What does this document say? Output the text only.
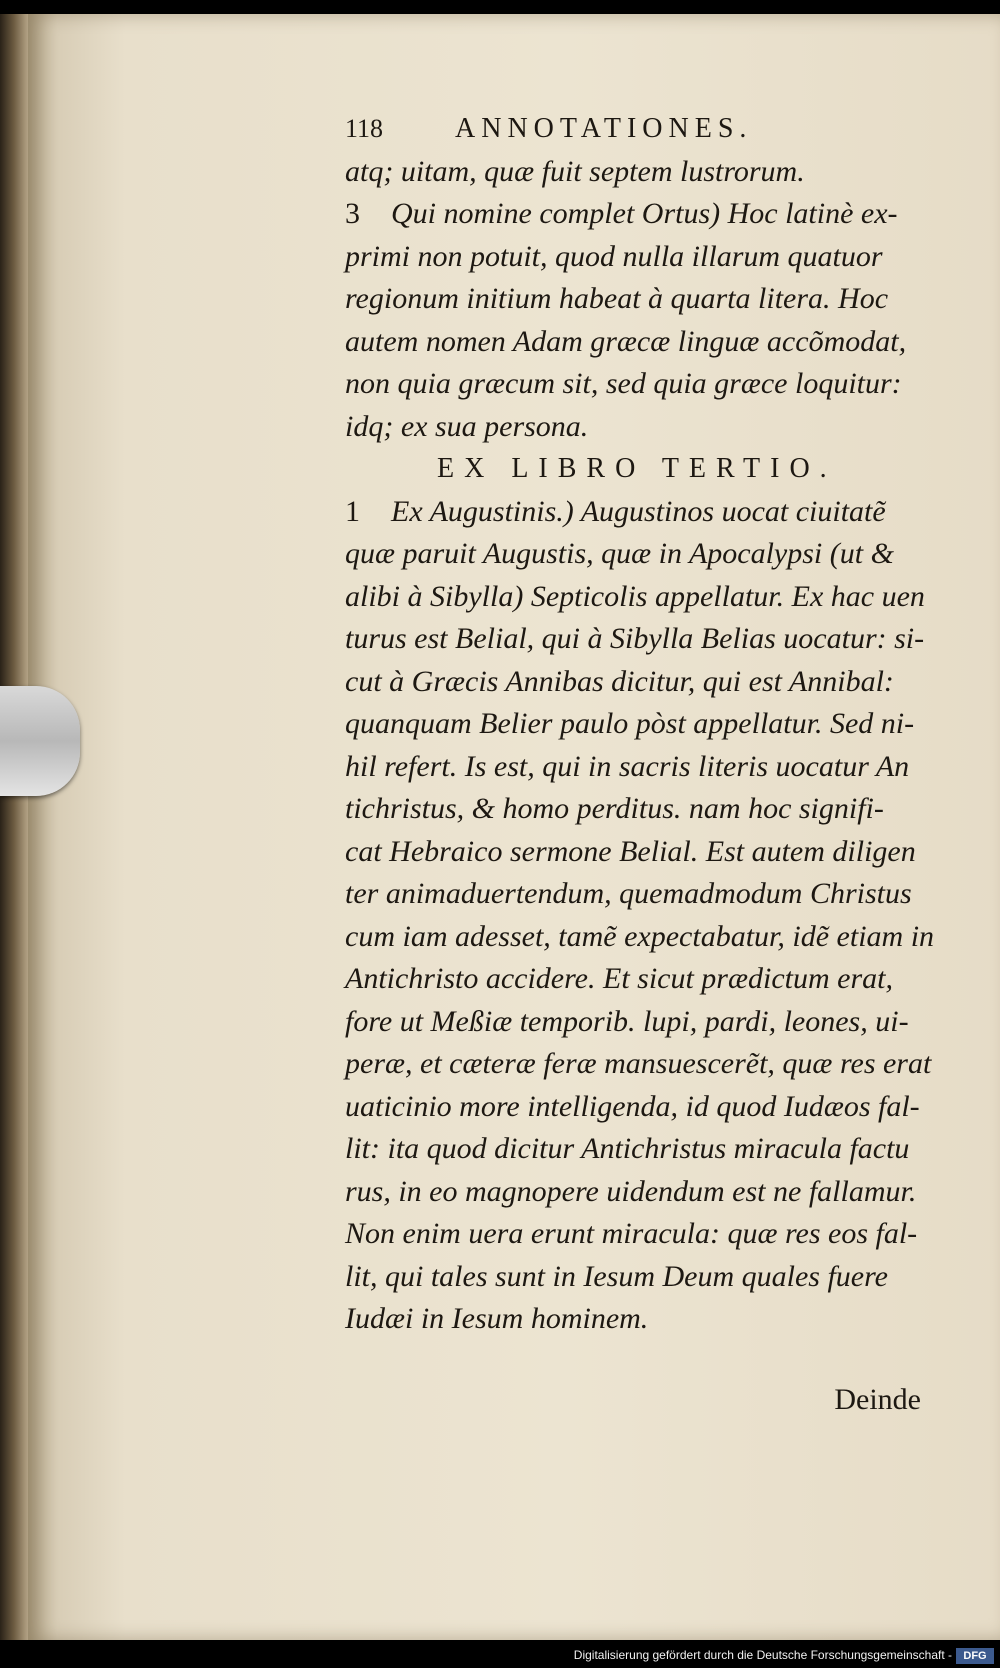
118	ANNOTATIONES.
atq; uitam, quæ fuit septem lustrorum.
3 Qui nomine complet Ortus) Hoc latinè ex-
primi non potuit, quod nulla illarum quatuor
regionum initium habeat à quarta litera. Hoc
autem nomen Adam græcæ linguæ accõmodat,
non quia græcum sit, sed quia græce loquitur:
idq; ex sua persona.
EX LIBRO TERTIO.
1 Ex Augustinis.) Augustinos uocat ciuitatẽ
quæ paruit Augustis, quæ in Apocalypsi (ut &
alibi à Sibylla) Septicolis appellatur. Ex hac uen
turus est Belial, qui à Sibylla Belias uocatur: si-
cut à Græcis Annibas dicitur, qui est Annibal:
quanquam Belier paulo pòst appellatur. Sed ni-
hil refert. Is est, qui in sacris literis uocatur An
tichristus, & homo perditus. nam hoc signifi-
cat Hebraico sermone Belial. Est autem diligen
ter animaduertendum, quemadmodum Christus
cum iam adesset, tamẽ expectabatur, idẽ etiam in
Antichristo accidere. Et sicut prædictum erat,
fore ut Meßiæ temporib. lupi, pardi, leones, ui-
peræ, et cæteræ feræ mansuescerẽt, quæ res erat
uaticinio more intelligenda, id quod Iudæos fal-
lit: ita quod dicitur Antichristus miracula factu
rus, in eo magnopere uidendum est ne fallamur.
Non enim uera erunt miracula: quæ res eos fal-
lit, qui tales sunt in Iesum Deum quales fuere
Iudæi in Iesum hominem.
Deinde
Digitalisierung gefördert durch die Deutsche Forschungsgemeinschaft -	DFG
